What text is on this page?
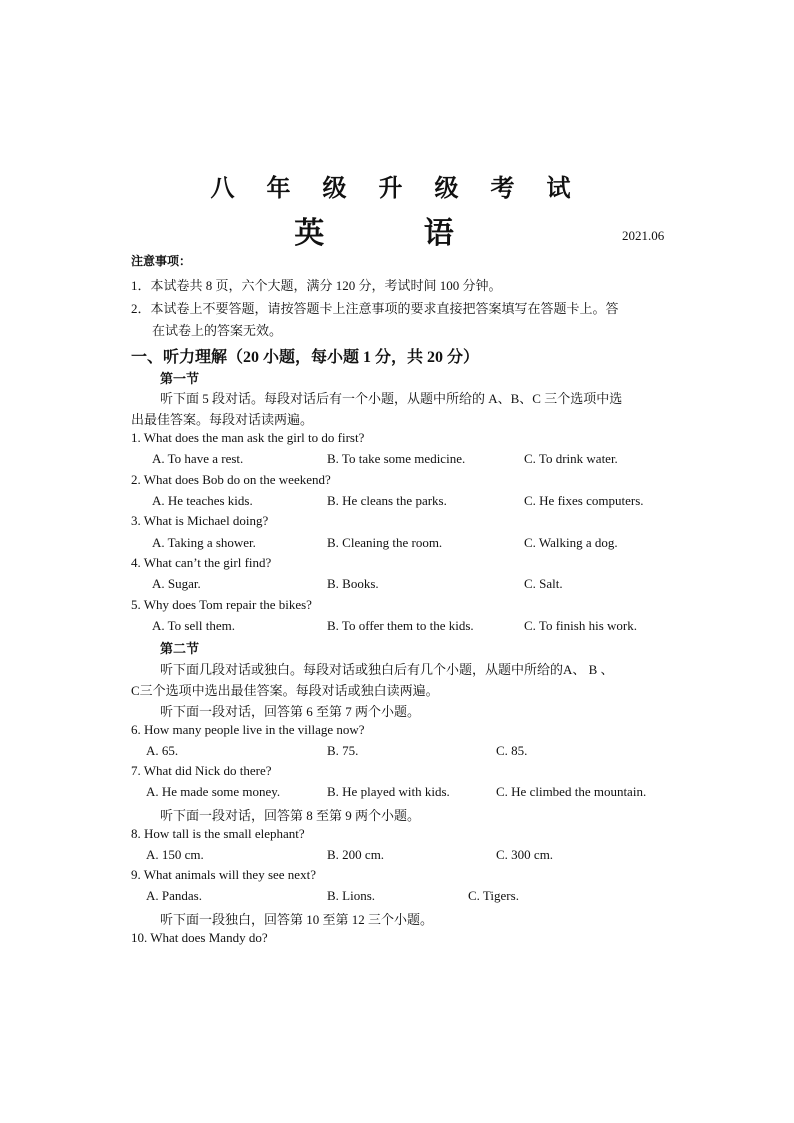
八 年 级 升 级 考 试
英 语	2021.06
注意事项：
1．本试卷共 8 页，六个大题，满分 120 分，考试时间 100 分钟。
2．本试卷上不要答题，请按答题卡上注意事项的要求直接把答案填写在答题卡上。答
在试卷上的答案无效。
一、听力理解（20 小题，每小题 1 分，共 20 分）
第一节
听下面 5 段对话。每段对话后有一个小题，从题中所给的 A、B、C 三个选项中选
出最佳答案。每段对话读两遍。
1. What does the man ask the girl to do first?
A. To have a rest.	B. To take some medicine.	C. To drink water.
2. What does Bob do on the weekend?
A. He teaches kids.	B. He cleans the parks.	C. He fixes computers.
3. What is Michael doing?
A. Taking a shower.	B. Cleaning the room.	C. Walking a dog.
4. What can’t the girl find?
A. Sugar.	B. Books.	C. Salt.
5. Why does Tom repair the bikes?
A. To sell them.	B. To offer them to the kids.	C. To finish his work.
第二节
听下面几段对话或独白。每段对话或独白后有几个小题，从题中所给的A、 B 、
C三个选项中选出最佳答案。每段对话或独白读两遍。
听下面一段对话，回答第 6 至第 7 两个小题。
6. How many people live in the village now?
A. 65.	B. 75.	C. 85.
7. What did Nick do there?
A. He made some money.	B. He played with kids.	C. He climbed the mountain.
听下面一段对话，回答第 8 至第 9 两个小题。
8. How tall is the small elephant?
A. 150 cm.	B. 200 cm.	C. 300 cm.
9. What animals will they see next?
A. Pandas.	B. Lions.	C. Tigers.
听下面一段独白，回答第 10 至第 12 三个小题。
10. What does Mandy do?
